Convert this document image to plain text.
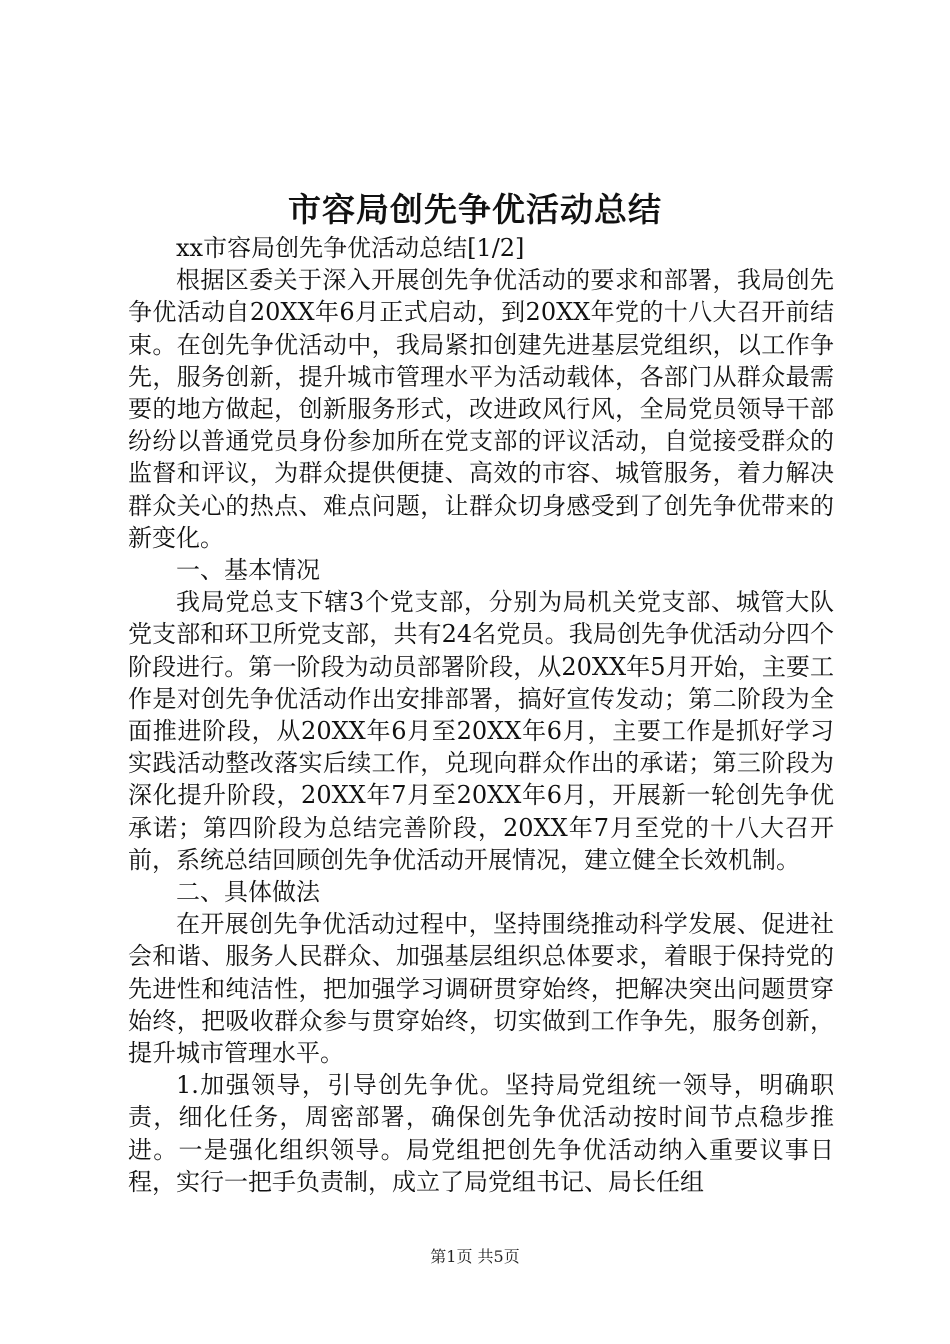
市容局创先争优活动总结

xx市容局创先争优活动总结[1/2]

根据区委关于深入开展创先争优活动的要求和部署，我局创先争优活动自20XX年6月正式启动，到20XX年党的十八大召开前结束。在创先争优活动中，我局紧扣创建先进基层党组织，以工作争先，服务创新，提升城市管理水平为活动载体，各部门从群众最需要的地方做起，创新服务形式，改进政风行风，全局党员领导干部纷纷以普通党员身份参加所在党支部的评议活动，自觉接受群众的监督和评议，为群众提供便捷、高效的市容、城管服务，着力解决群众关心的热点、难点问题，让群众切身感受到了创先争优带来的新变化。

一、基本情况

我局党总支下辖3个党支部，分别为局机关党支部、城管大队党支部和环卫所党支部，共有24名党员。我局创先争优活动分四个阶段进行。第一阶段为动员部署阶段，从20XX年5月开始，主要工作是对创先争优活动作出安排部署，搞好宣传发动；第二阶段为全面推进阶段，从20XX年6月至20XX年6月，主要工作是抓好学习实践活动整改落实后续工作，兑现向群众作出的承诺；第三阶段为深化提升阶段，20XX年7月至20XX年6月，开展新一轮创先争优承诺；第四阶段为总结完善阶段，20XX年7月至党的十八大召开前，系统总结回顾创先争优活动开展情况，建立健全长效机制。

二、具体做法

在开展创先争优活动过程中，坚持围绕推动科学发展、促进社会和谐、服务人民群众、加强基层组织总体要求，着眼于保持党的先进性和纯洁性，把加强学习调研贯穿始终，把解决突出问题贯穿始终，把吸收群众参与贯穿始终，切实做到工作争先，服务创新，提升城市管理水平。

1.加强领导，引导创先争优。坚持局党组统一领导，明确职责，细化任务，周密部署，确保创先争优活动按时间节点稳步推进。一是强化组织领导。局党组把创先争优活动纳入重要议事日程，实行一把手负责制，成立了局党组书记、局长任组

第1页 共5页
